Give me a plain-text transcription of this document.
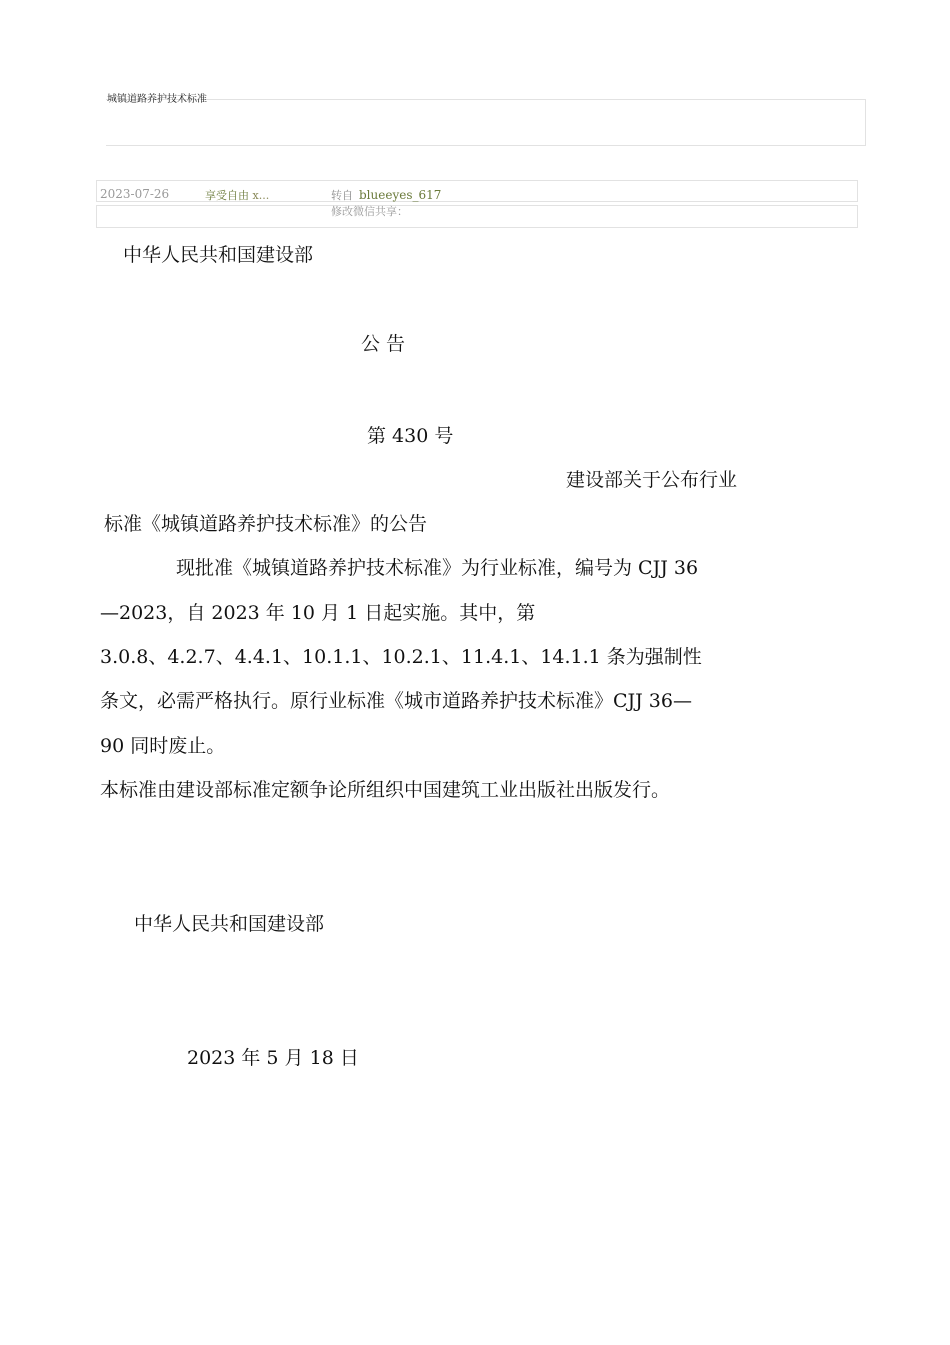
城镇道路养护技术标准
2023-07-26	享受自由 x...	转自 blueeyes_617
修改微信共享：
中华人民共和国建设部
公 告
第 430 号
建设部关于公布行业
标准《城镇道路养护技术标准》的公告
现批准《城镇道路养护技术标准》为行业标准，编号为 CJJ 36
—2023，自 2023 年 10 月 1 日起实施。其中，第
3.0.8、4.2.7、4.4.1、10.1.1、10.2.1、11.4.1、14.1.1 条为强制性
条文，必需严格执行。原行业标准《城市道路养护技术标准》CJJ 36—
90 同时废止。
本标准由建设部标准定额争论所组织中国建筑工业出版社出版发行。
中华人民共和国建设部
2023 年 5 月 18 日
